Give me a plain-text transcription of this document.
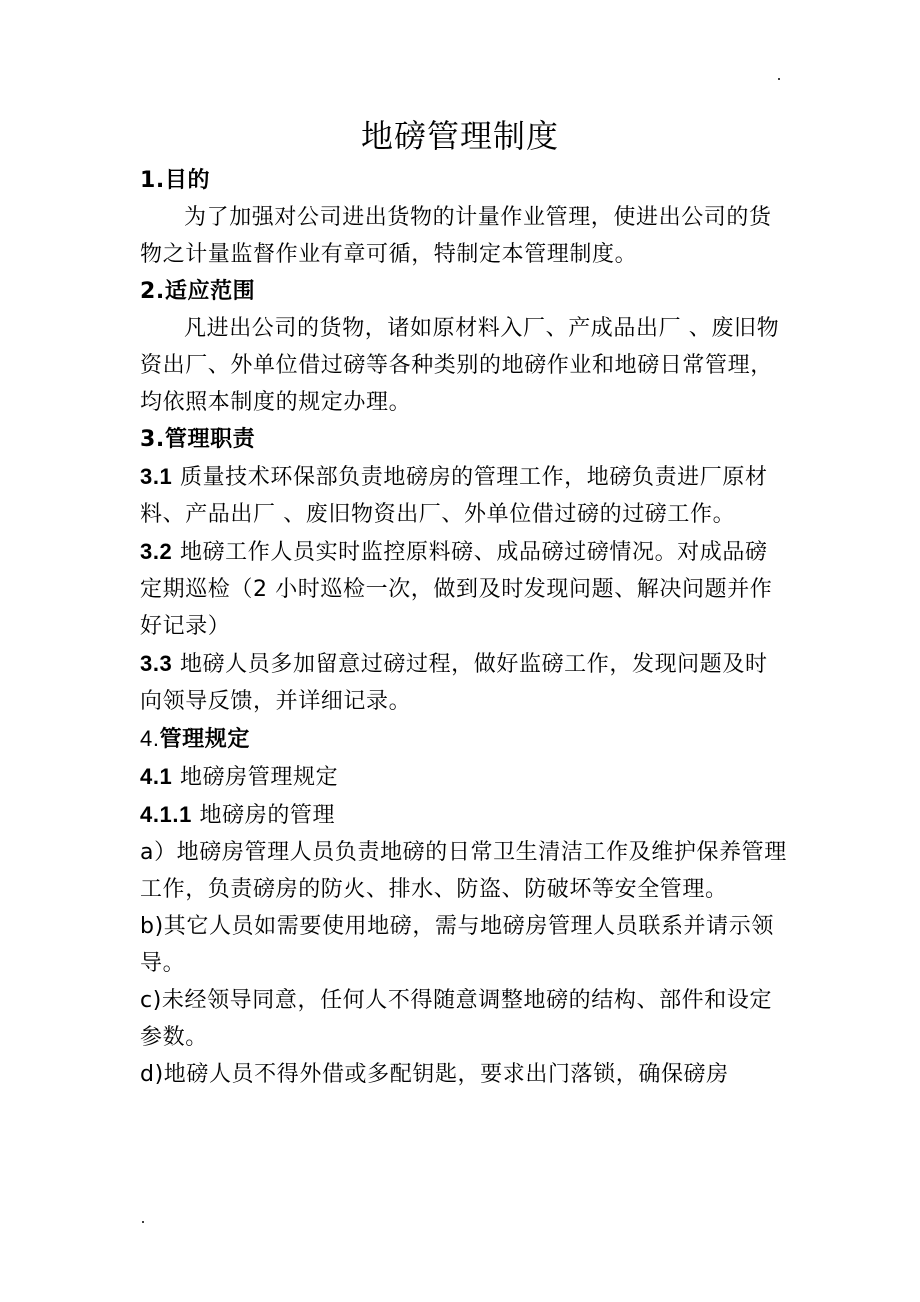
地磅管理制度

1.目的

为了加强对公司进出货物的计量作业管理，使进出公司的货物之计量监督作业有章可循，特制定本管理制度。

2.适应范围

凡进出公司的货物，诸如原材料入厂、产成品出厂 、废旧物资出厂、外单位借过磅等各种类别的地磅作业和地磅日常管理，均依照本制度的规定办理。

3.管理职责

3.1 质量技术环保部负责地磅房的管理工作，地磅负责进厂原材料、产品出厂 、废旧物资出厂、外单位借过磅的过磅工作。

3.2 地磅工作人员实时监控原料磅、成品磅过磅情况。对成品磅定期巡检（2 小时巡检一次，做到及时发现问题、解决问题并作好记录）

3.3 地磅人员多加留意过磅过程，做好监磅工作，发现问题及时向领导反馈，并详细记录。

4.管理规定

4.1 地磅房管理规定

4.1.1 地磅房的管理

a）地磅房管理人员负责地磅的日常卫生清洁工作及维护保养管理工作，负责磅房的防火、排水、防盗、防破坏等安全管理。

b)其它人员如需要使用地磅，需与地磅房管理人员联系并请示领导。

c)未经领导同意，任何人不得随意调整地磅的结构、部件和设定参数。

d)地磅人员不得外借或多配钥匙，要求出门落锁，确保磅房
